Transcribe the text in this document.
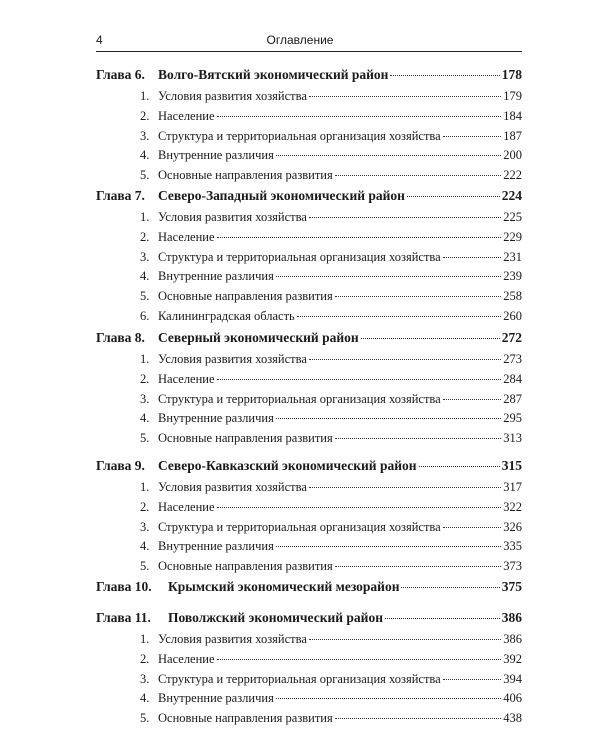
4	Оглавление
Глава 6. Волго-Вятский экономический район	178
1. Условия развития хозяйства	179
2. Население	184
3. Структура и территориальная организация хозяйства	187
4. Внутренние различия	200
5. Основные направления развития	222
Глава 7. Северо-Западный экономический район	224
1. Условия развития хозяйства	225
2. Население	229
3. Структура и территориальная организация хозяйства	231
4. Внутренние различия	239
5. Основные направления развития	258
6. Калининградская область	260
Глава 8. Северный экономический район	272
1. Условия развития хозяйства	273
2. Население	284
3. Структура и территориальная организация хозяйства	287
4. Внутренние различия	295
5. Основные направления развития	313
Глава 9. Северо-Кавказский экономический район	315
1. Условия развития хозяйства	317
2. Население	322
3. Структура и территориальная организация хозяйства	326
4. Внутренние различия	335
5. Основные направления развития	373
Глава 10.	Крымский экономический мезорайон	375
Глава 11.	Поволжский экономический район	386
1. Условия развития хозяйства	386
2. Население	392
3. Структура и территориальная организация хозяйства	394
4. Внутренние различия	406
5. Основные направления развития	438
